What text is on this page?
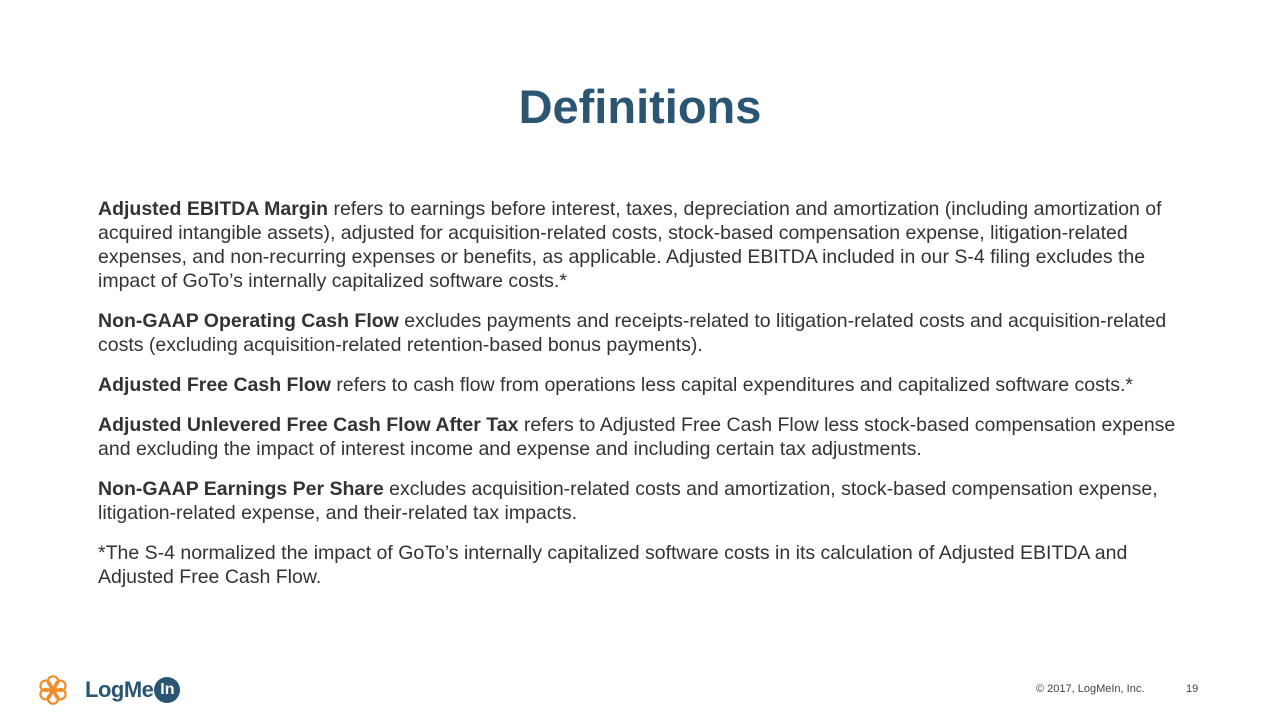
Definitions

Adjusted EBITDA Margin refers to earnings before interest, taxes, depreciation and amortization (including amortization of acquired intangible assets), adjusted for acquisition-related costs, stock-based compensation expense, litigation-related expenses, and non-recurring expenses or benefits, as applicable. Adjusted EBITDA included in our S-4 filing excludes the impact of GoTo’s internally capitalized software costs.*

Non-GAAP Operating Cash Flow excludes payments and receipts-related to litigation-related costs and acquisition-related costs (excluding acquisition-related retention-based bonus payments).

Adjusted Free Cash Flow refers to cash flow from operations less capital expenditures and capitalized software costs.*

Adjusted Unlevered Free Cash Flow After Tax refers to Adjusted Free Cash Flow less stock-based compensation expense and excluding the impact of interest income and expense and including certain tax adjustments.

Non-GAAP Earnings Per Share excludes acquisition-related costs and amortization, stock-based compensation expense, litigation-related expense, and their-related tax impacts.

*The S-4 normalized the impact of GoTo’s internally capitalized software costs in its calculation of Adjusted EBITDA and Adjusted Free Cash Flow.

LogMe In	© 2017, LogMeIn, Inc.	19
